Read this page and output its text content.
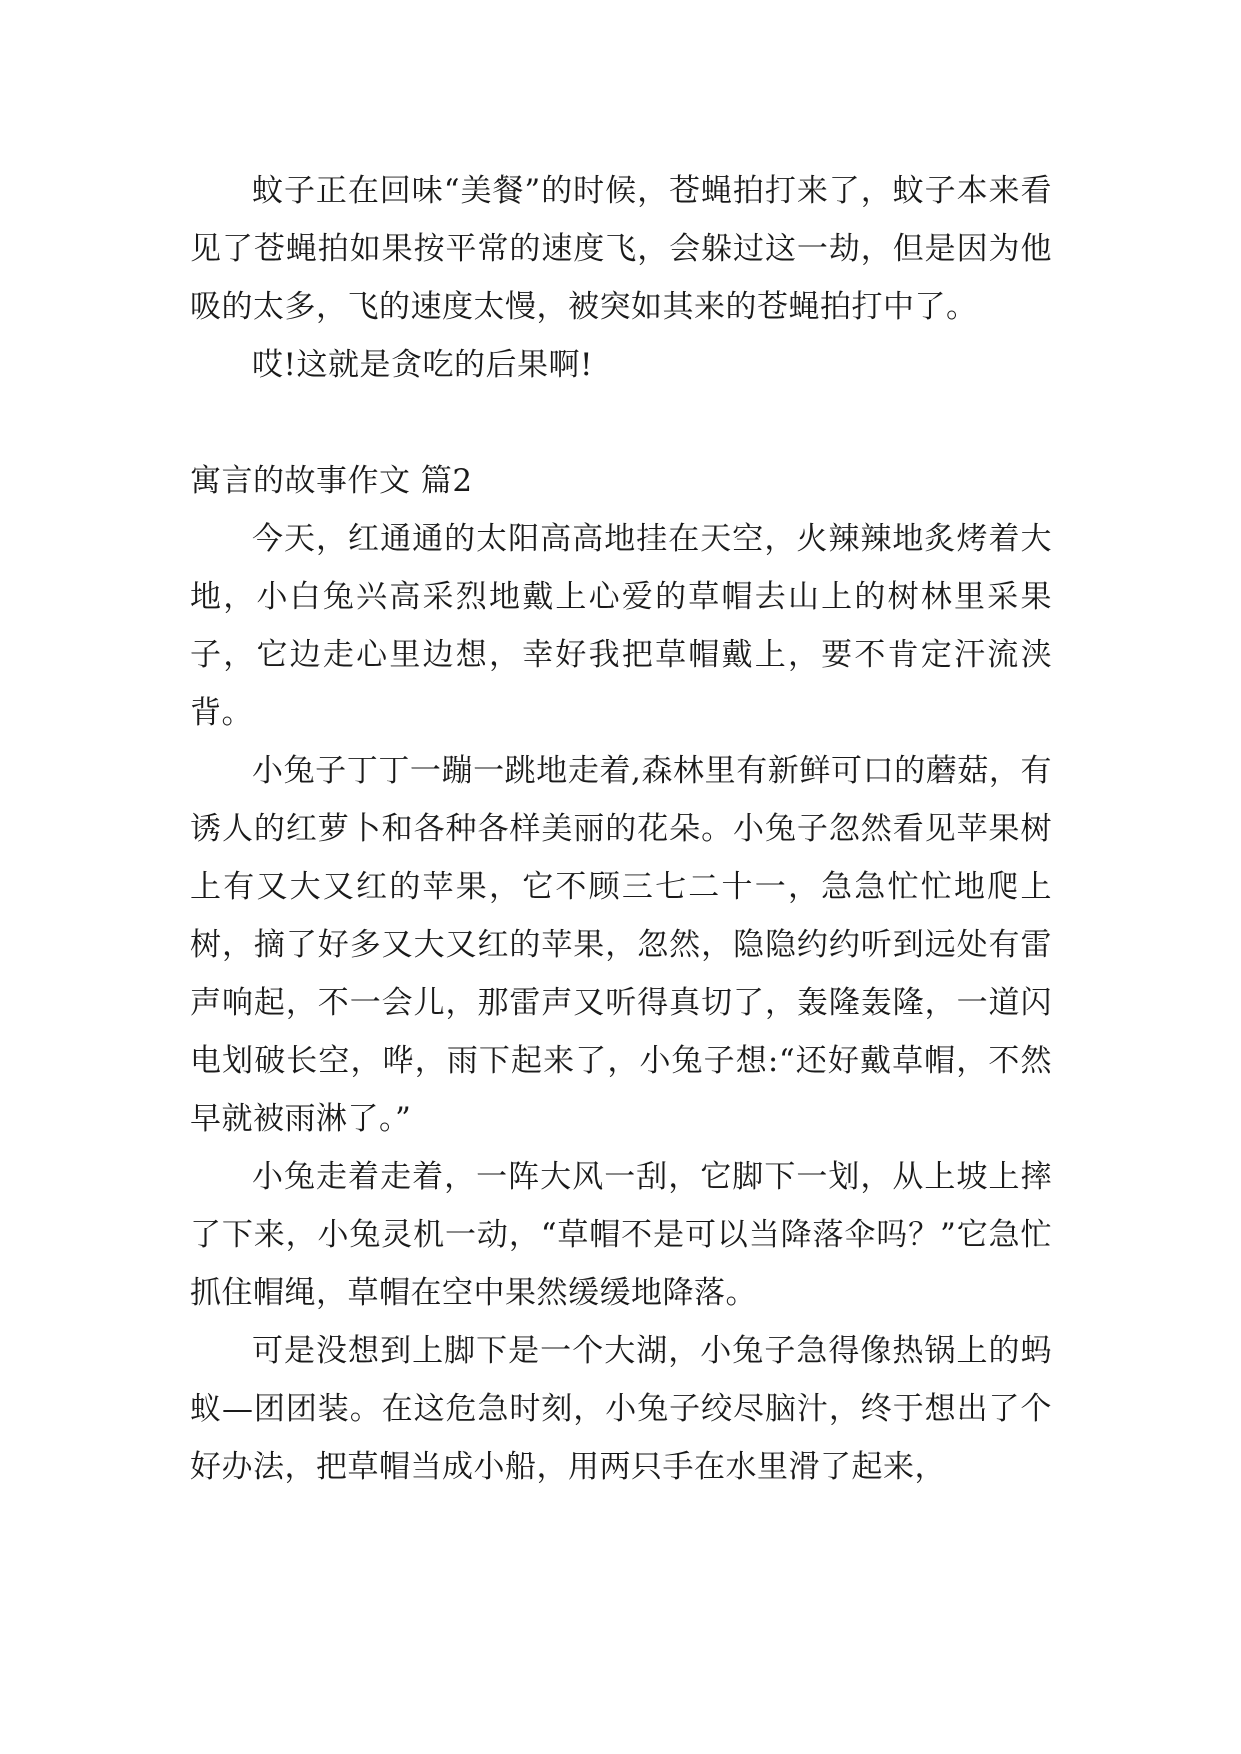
蚊子正在回味“美餐”的时候，苍蝇拍打来了，蚊子本来看见了苍蝇拍如果按平常的速度飞，会躲过这一劫，但是因为他吸的太多，飞的速度太慢，被突如其来的苍蝇拍打中了。

哎!这就是贪吃的后果啊!

寓言的故事作文 篇2

今天，红通通的太阳高高地挂在天空，火辣辣地炙烤着大地，小白兔兴高采烈地戴上心爱的草帽去山上的树林里采果子，它边走心里边想，幸好我把草帽戴上，要不肯定汗流浃背。

小兔子丁丁一蹦一跳地走着,森林里有新鲜可口的蘑菇，有诱人的红萝卜和各种各样美丽的花朵。小兔子忽然看见苹果树上有又大又红的苹果，它不顾三七二十一，急急忙忙地爬上树，摘了好多又大又红的苹果，忽然，隐隐约约听到远处有雷声响起，不一会儿，那雷声又听得真切了，轰隆轰隆，一道闪电划破长空，哗，雨下起来了，小兔子想:“还好戴草帽，不然早就被雨淋了。”

小兔走着走着，一阵大风一刮，它脚下一划，从上坡上摔了下来，小兔灵机一动，“草帽不是可以当降落伞吗？”它急忙抓住帽绳，草帽在空中果然缓缓地降落。

可是没想到上脚下是一个大湖，小兔子急得像热锅上的蚂蚁—团团装。在这危急时刻，小兔子绞尽脑汁，终于想出了个好办法，把草帽当成小船，用两只手在水里滑了起来，
